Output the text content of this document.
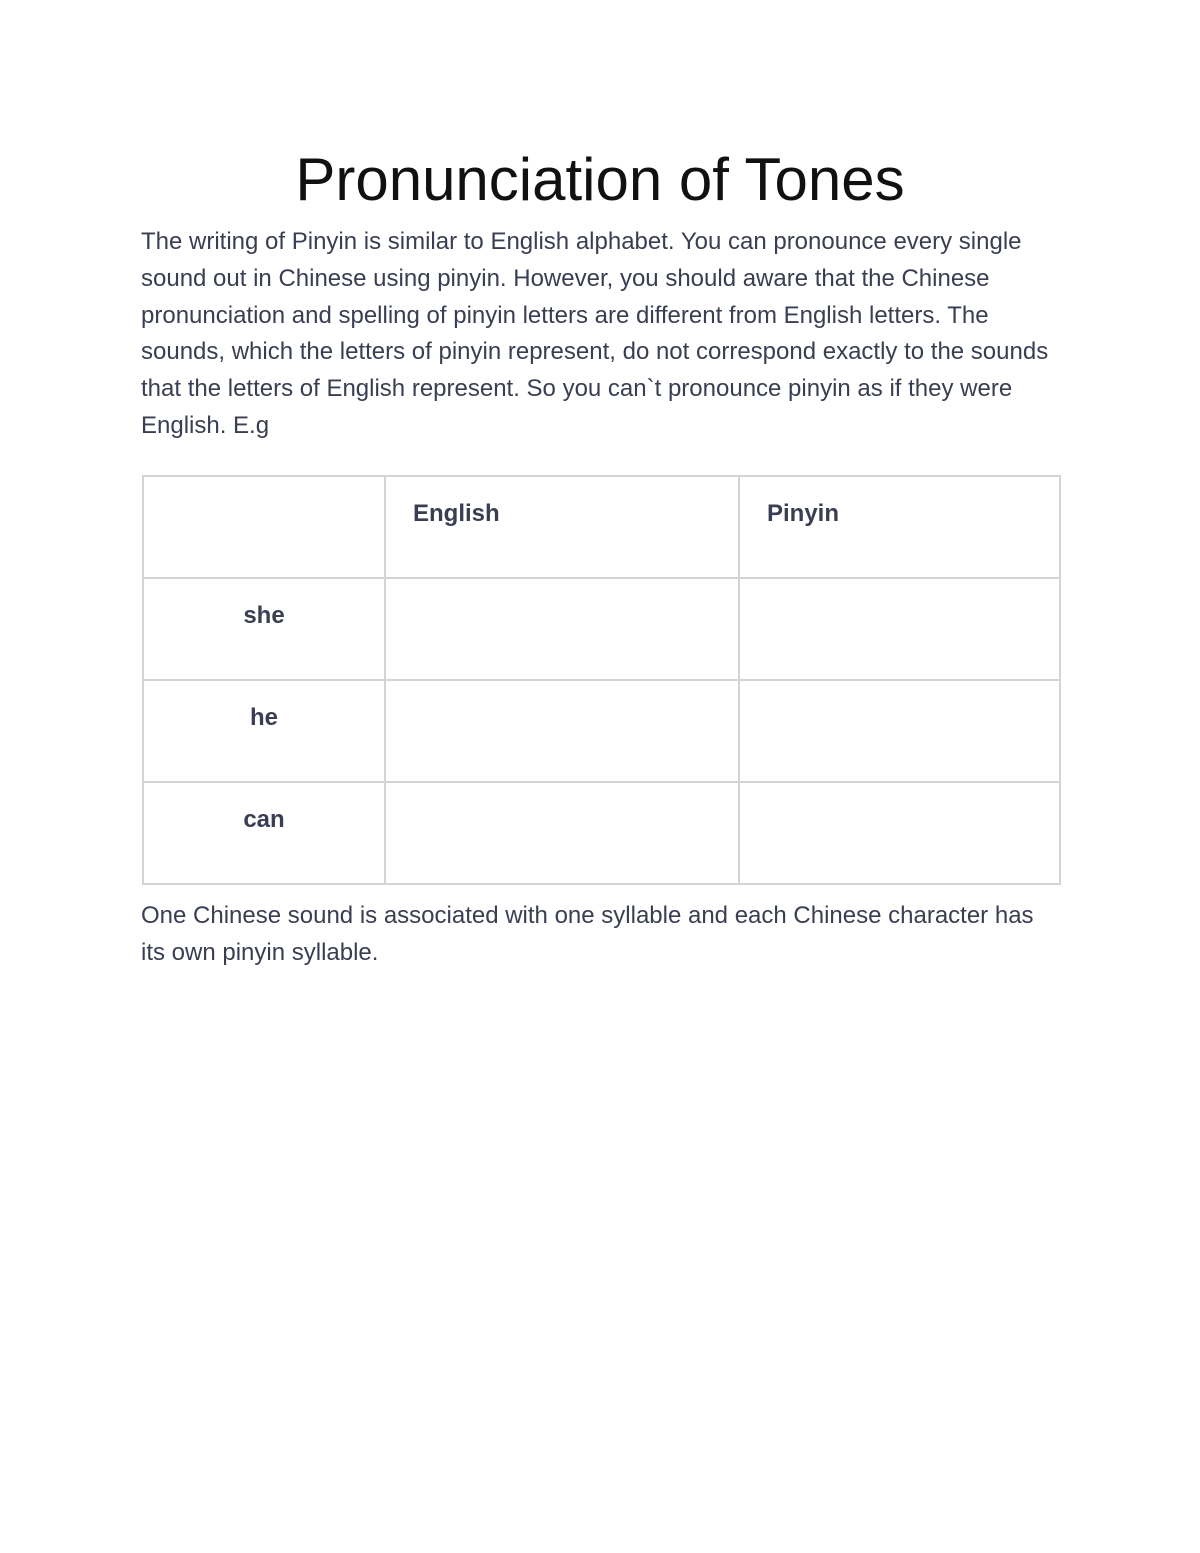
Pronunciation of Tones

The writing of Pinyin is similar to English alphabet. You can pronounce every single sound out in Chinese using pinyin. However, you should aware that the Chinese pronunciation and spelling of pinyin letters are different from English letters. The sounds, which the letters of pinyin represent, do not correspond exactly to the sounds that the letters of English represent. So you can`t pronounce pinyin as if they were English. E.g

	English	Pinyin

she		

he		

can		

One Chinese sound is associated with one syllable and each Chinese character has its own pinyin syllable.
